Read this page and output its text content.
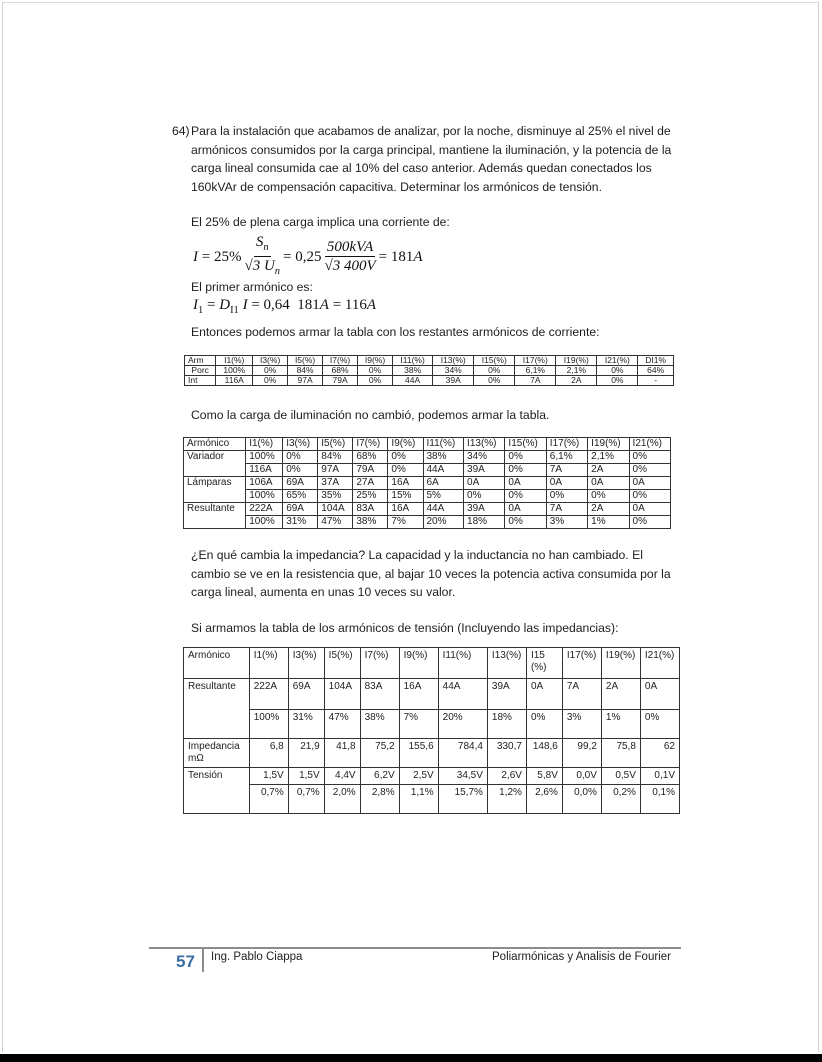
64) Para la instalación que acabamos de analizar, por la noche, disminuye al 25% el nivel de armónicos consumidos por la carga principal, mantiene la iluminación, y la potencia de la carga lineal consumida cae al 10% del caso anterior. Además quedan conectados los 160kVAr de compensación capacitiva. Determinar los armónicos de tensión.
El 25% de plena carga implica una corriente de:
$I = 25\% \frac{S_n}{√3 U_n} = 0,25 \frac{\text{500kVA}}{√3 400V} = 181$ A
El primer armónico es:
$I_1 = D_{I1}$ I = 0,64  181A = 116A
Entonces podemos armar la tabla con los restantes armónicos de corriente:
Arm	I1(%)	I3(%)	I5(%)	I7(%)	I9(%)	I11(%)	I13(%)	I15(%)	I17(%)	I19(%)	I21(%)	DI1%
Porc	100%	0%	84%	68%	0%	38%	34%	0%	6,1%	2,1%	0%	64%
Int	116A	0%	97A	79A	0%	44A	39A	0%	7A	2A	0%	-
Como la carga de iluminación no cambió, podemos armar la tabla.
Armónico	I1(%)	I3(%)	I5(%)	I7(%)	I9(%)	I11(%)	I13(%)	I15(%)	I17(%)	I19(%)	I21(%)
Variador	100%	0%	84%	68%	0%	38%	34%	0%	6,1%	2,1%	0%
	116A	0%	97A	79A	0%	44A	39A	0%	7A	2A	0%
Lámparas	106A	69A	37A	27A	16A	6A	0A	0A	0A	0A	0A
	100%	65%	35%	25%	15%	5%	0%	0%	0%	0%	0%
Resultante	222A	69A	104A	83A	16A	44A	39A	0A	7A	2A	0A
	100%	31%	47%	38%	7%	20%	18%	0%	3%	1%	0%
¿En qué cambia la impedancia? La capacidad y la inductancia no han cambiado. El cambio se ve en la resistencia que, al bajar 10 veces la potencia activa consumida por la carga lineal, aumenta en unas 10 veces su valor.
Si armamos la tabla de los armónicos de tensión (Incluyendo las impedancias):
Armónico	I1(%)	I3(%)	I5(%)	I7(%)	I9(%)	I11(%)	I13(%)	I15(%)	I17(%)	I19(%)	I21(%)
Resultante	222A	69A	104A	83A	16A	44A	39A	0A	7A	2A	0A
	100%	31%	47%	38%	7%	20%	18%	0%	3%	1%	0%
Impedancia mΩ	6,8	21,9	41,8	75,2	155,6	784,4	330,7	148,6	99,2	75,8	62
Tensión	1,5V	1,5V	4,4V	6,2V	2,5V	34,5V	2,6V	5,8V	0,0V	0,5V	0,1V
	0,7%	0,7%	2,0%	2,8%	1,1%	15,7%	1,2%	2,6%	0,0%	0,2%	0,1%
57 Ing. Pablo Ciappa	Poliarmónicas y Analisis de Fourier
